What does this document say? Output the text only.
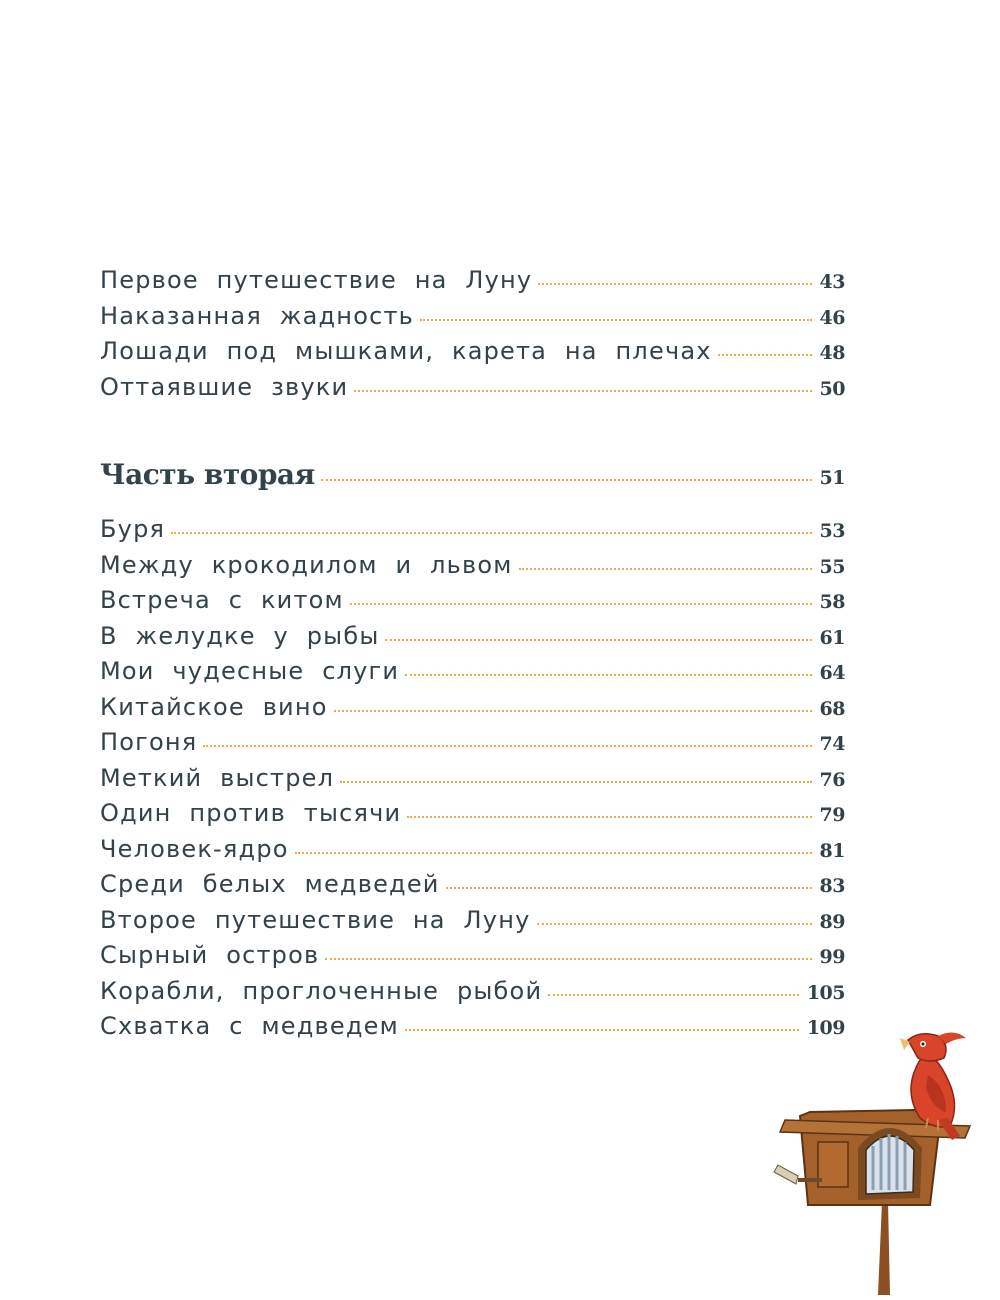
Первое путешествие на Луну	43
Наказанная жадность	46
Лошади под мышками, карета на плечах	48
Оттаявшие звуки	50
Часть вторая	51
Буря	53
Между крокодилом и львом	55
Встреча с китом	58
В желудке у рыбы	61
Мои чудесные слуги	64
Китайское вино	68
Погоня	74
Меткий выстрел	76
Один против тысячи	79
Человек-ядро	81
Среди белых медведей	83
Второе путешествие на Луну	89
Сырный остров	99
Корабли, проглоченные рыбой	105
Схватка с медведем	109
